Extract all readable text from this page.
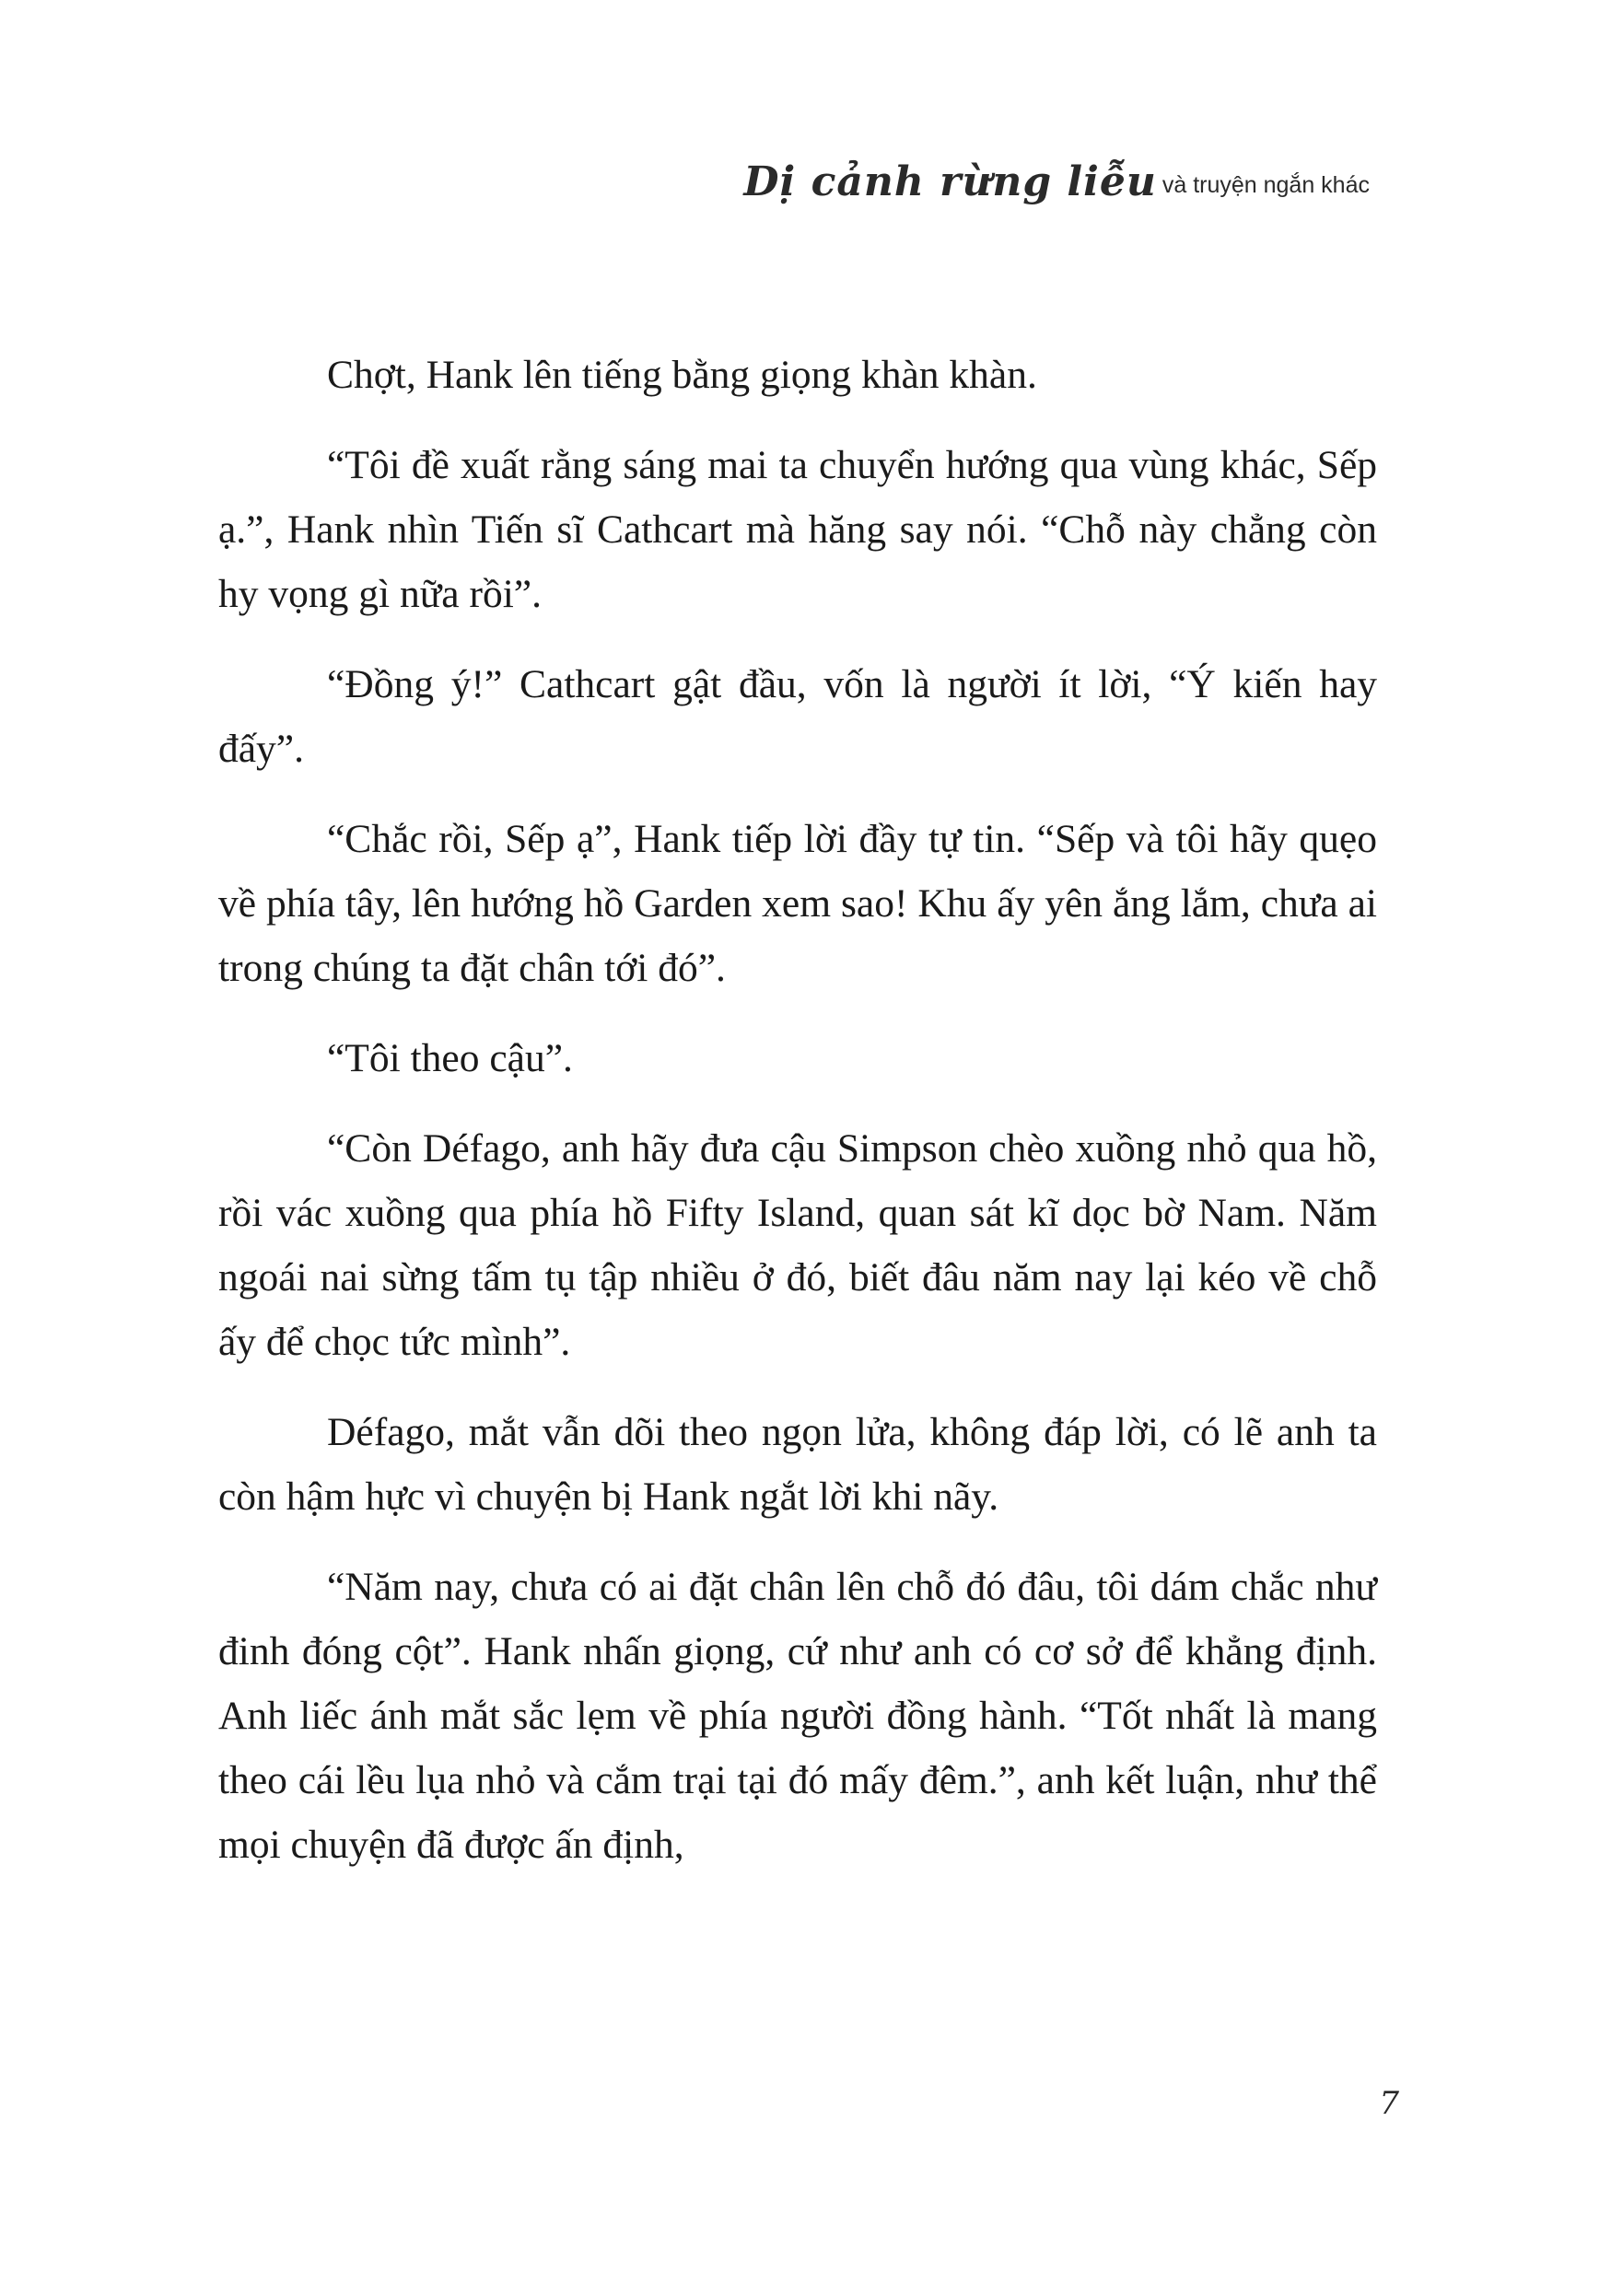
Dị cảnh rừng liễu và truyện ngắn khác

Chợt, Hank lên tiếng bằng giọng khàn khàn.

“Tôi đề xuất rằng sáng mai ta chuyển hướng qua vùng khác, Sếp ạ.”, Hank nhìn Tiến sĩ Cathcart mà hăng say nói. “Chỗ này chẳng còn hy vọng gì nữa rồi”.

“Đồng ý!” Cathcart gật đầu, vốn là người ít lời, “Ý kiến hay đấy”.

“Chắc rồi, Sếp ạ”, Hank tiếp lời đầy tự tin. “Sếp và tôi hãy quẹo về phía tây, lên hướng hồ Garden xem sao! Khu ấy yên ắng lắm, chưa ai trong chúng ta đặt chân tới đó”.

“Tôi theo cậu”.

“Còn Défago, anh hãy đưa cậu Simpson chèo xuồng nhỏ qua hồ, rồi vác xuồng qua phía hồ Fifty Island, quan sát kĩ dọc bờ Nam. Năm ngoái nai sừng tấm tụ tập nhiều ở đó, biết đâu năm nay lại kéo về chỗ ấy để chọc tức mình”.

Défago, mắt vẫn dõi theo ngọn lửa, không đáp lời, có lẽ anh ta còn hậm hực vì chuyện bị Hank ngắt lời khi nãy.

“Năm nay, chưa có ai đặt chân lên chỗ đó đâu, tôi dám chắc như đinh đóng cột”. Hank nhấn giọng, cứ như anh có cơ sở để khẳng định. Anh liếc ánh mắt sắc lẹm về phía người đồng hành. “Tốt nhất là mang theo cái lều lụa nhỏ và cắm trại tại đó mấy đêm.”, anh kết luận, như thể mọi chuyện đã được ấn định,

7
